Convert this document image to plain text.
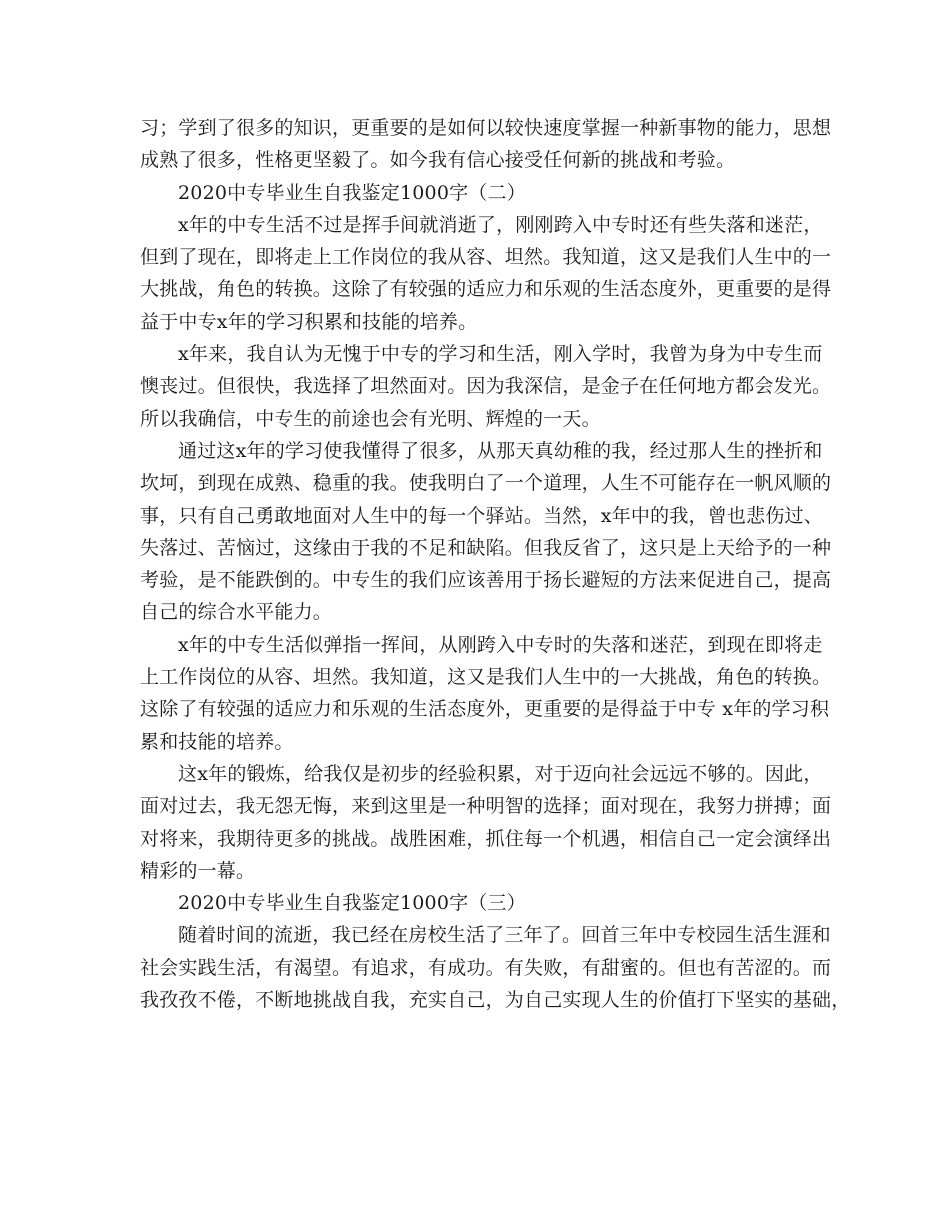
习；学到了很多的知识，更重要的是如何以较快速度掌握一种新事物的能力，思想
成熟了很多，性格更坚毅了。如今我有信心接受任何新的挑战和考验。
2020中专毕业生自我鉴定1000字（二）
x年的中专生活不过是挥手间就消逝了，刚刚跨入中专时还有些失落和迷茫，
但到了现在，即将走上工作岗位的我从容、坦然。我知道，这又是我们人生中的一
大挑战，角色的转换。这除了有较强的适应力和乐观的生活态度外，更重要的是得
益于中专x年的学习积累和技能的培养。
x年来，我自认为无愧于中专的学习和生活，刚入学时，我曾为身为中专生而
懊丧过。但很快，我选择了坦然面对。因为我深信，是金子在任何地方都会发光。
所以我确信，中专生的前途也会有光明、辉煌的一天。
通过这x年的学习使我懂得了很多，从那天真幼稚的我，经过那人生的挫折和
坎坷，到现在成熟、稳重的我。使我明白了一个道理，人生不可能存在一帆风顺的
事，只有自己勇敢地面对人生中的每一个驿站。当然，x年中的我，曾也悲伤过、
失落过、苦恼过，这缘由于我的不足和缺陷。但我反省了，这只是上天给予的一种
考验，是不能跌倒的。中专生的我们应该善用于扬长避短的方法来促进自己，提高
自己的综合水平能力。
x年的中专生活似弹指一挥间，从刚跨入中专时的失落和迷茫，到现在即将走
上工作岗位的从容、坦然。我知道，这又是我们人生中的一大挑战，角色的转换。
这除了有较强的适应力和乐观的生活态度外，更重要的是得益于中专 x年的学习积
累和技能的培养。
这x年的锻炼，给我仅是初步的经验积累，对于迈向社会远远不够的。因此，
面对过去，我无怨无悔，来到这里是一种明智的选择；面对现在，我努力拼搏；面
对将来，我期待更多的挑战。战胜困难，抓住每一个机遇，相信自己一定会演绎出
精彩的一幕。
2020中专毕业生自我鉴定1000字（三）
随着时间的流逝，我已经在房校生活了三年了。回首三年中专校园生活生涯和
社会实践生活，有渴望。有追求，有成功。有失败，有甜蜜的。但也有苦涩的。而
我孜孜不倦，不断地挑战自我，充实自己，为自己实现人生的价值打下坚实的基础，
